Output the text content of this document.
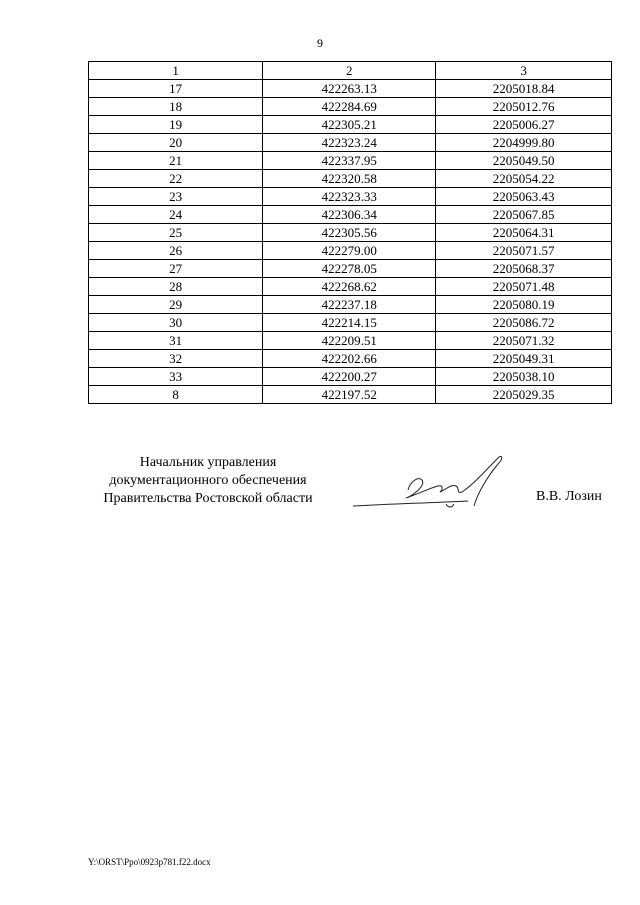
9
1	2	3
17	422263.13	2205018.84
18	422284.69	2205012.76
19	422305.21	2205006.27
20	422323.24	2204999.80
21	422337.95	2205049.50
22	422320.58	2205054.22
23	422323.33	2205063.43
24	422306.34	2205067.85
25	422305.56	2205064.31
26	422279.00	2205071.57
27	422278.05	2205068.37
28	422268.62	2205071.48
29	422237.18	2205080.19
30	422214.15	2205086.72
31	422209.51	2205071.32
32	422202.66	2205049.31
33	422200.27	2205038.10
8	422197.52	2205029.35
Начальник управления
документационного обеспечения
Правительства Ростовской области	В.В. Лозин
Y:\ORST\Ppo\0923p781.f22.docx
